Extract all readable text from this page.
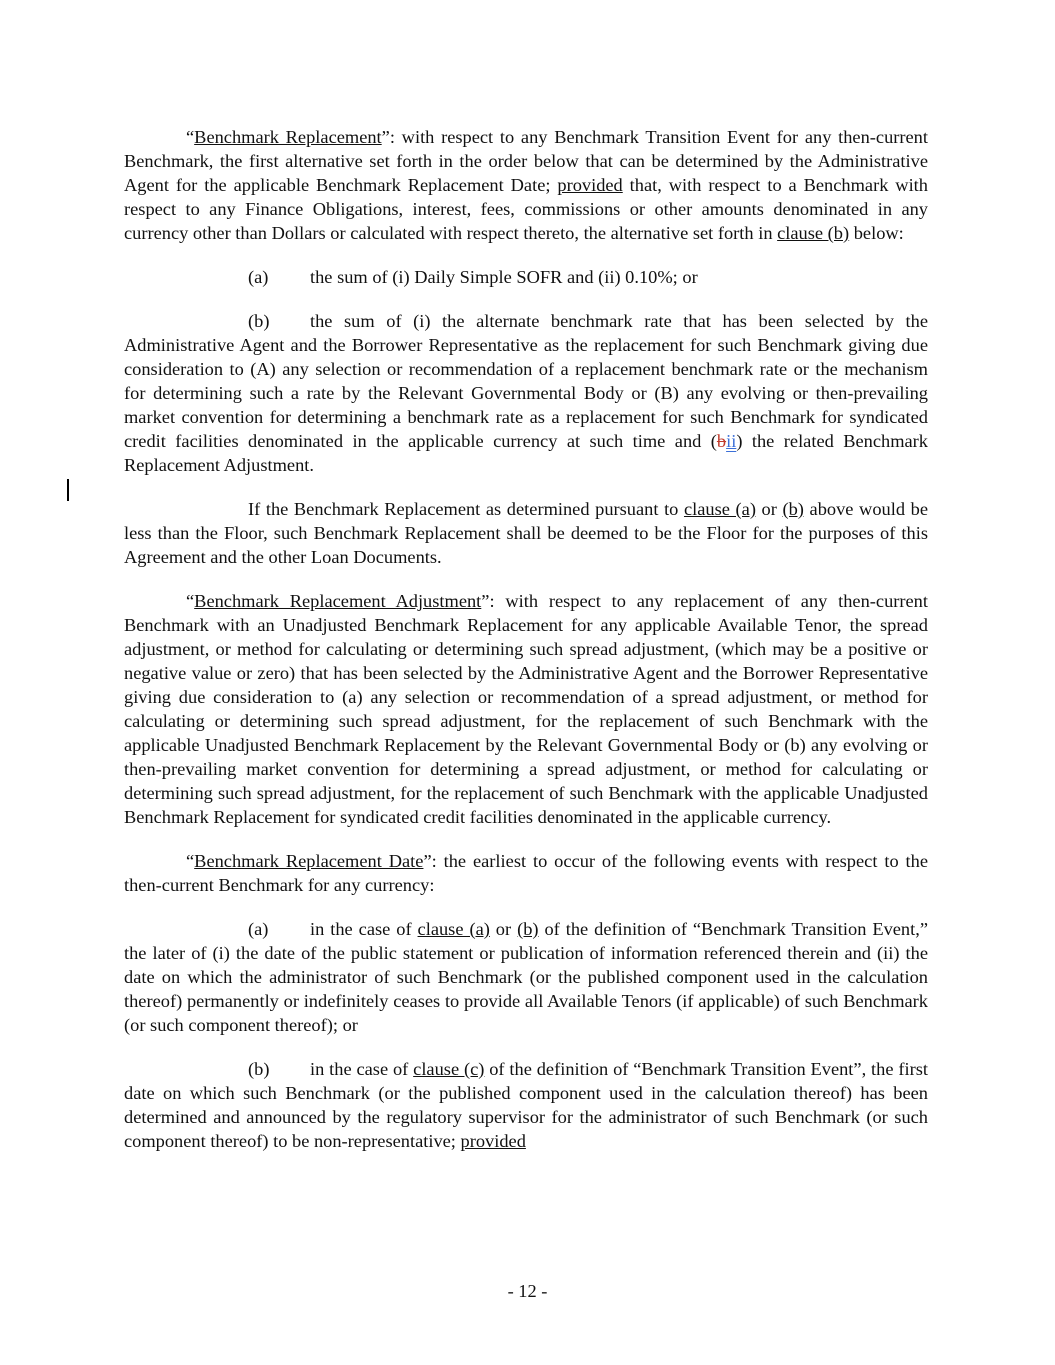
“Benchmark Replacement”: with respect to any Benchmark Transition Event for any then-current Benchmark, the first alternative set forth in the order below that can be determined by the Administrative Agent for the applicable Benchmark Replacement Date; provided that, with respect to a Benchmark with respect to any Finance Obligations, interest, fees, commissions or other amounts denominated in any currency other than Dollars or calculated with respect thereto, the alternative set forth in clause (b) below:

(a) the sum of (i) Daily Simple SOFR and (ii) 0.10%; or

(b) the sum of (i) the alternate benchmark rate that has been selected by the Administrative Agent and the Borrower Representative as the replacement for such Benchmark giving due consideration to (A) any selection or recommendation of a replacement benchmark rate or the mechanism for determining such a rate by the Relevant Governmental Body or (B) any evolving or then-prevailing market convention for determining a benchmark rate as a replacement for such Benchmark for syndicated credit facilities denominated in the applicable currency at such time and (bii) the related Benchmark Replacement Adjustment.

If the Benchmark Replacement as determined pursuant to clause (a) or (b) above would be less than the Floor, such Benchmark Replacement shall be deemed to be the Floor for the purposes of this Agreement and the other Loan Documents.

“Benchmark Replacement Adjustment”: with respect to any replacement of any then-current Benchmark with an Unadjusted Benchmark Replacement for any applicable Available Tenor, the spread adjustment, or method for calculating or determining such spread adjustment, (which may be a positive or negative value or zero) that has been selected by the Administrative Agent and the Borrower Representative giving due consideration to (a) any selection or recommendation of a spread adjustment, or method for calculating or determining such spread adjustment, for the replacement of such Benchmark with the applicable Unadjusted Benchmark Replacement by the Relevant Governmental Body or (b) any evolving or then-prevailing market convention for determining a spread adjustment, or method for calculating or determining such spread adjustment, for the replacement of such Benchmark with the applicable Unadjusted Benchmark Replacement for syndicated credit facilities denominated in the applicable currency.

“Benchmark Replacement Date”: the earliest to occur of the following events with respect to the then-current Benchmark for any currency:

(a) in the case of clause (a) or (b) of the definition of “Benchmark Transition Event,” the later of (i) the date of the public statement or publication of information referenced therein and (ii) the date on which the administrator of such Benchmark (or the published component used in the calculation thereof) permanently or indefinitely ceases to provide all Available Tenors (if applicable) of such Benchmark (or such component thereof); or

(b) in the case of clause (c) of the definition of “Benchmark Transition Event”, the first date on which such Benchmark (or the published component used in the calculation thereof) has been determined and announced by the regulatory supervisor for the administrator of such Benchmark (or such component thereof) to be non-representative; provided

- 12 -
